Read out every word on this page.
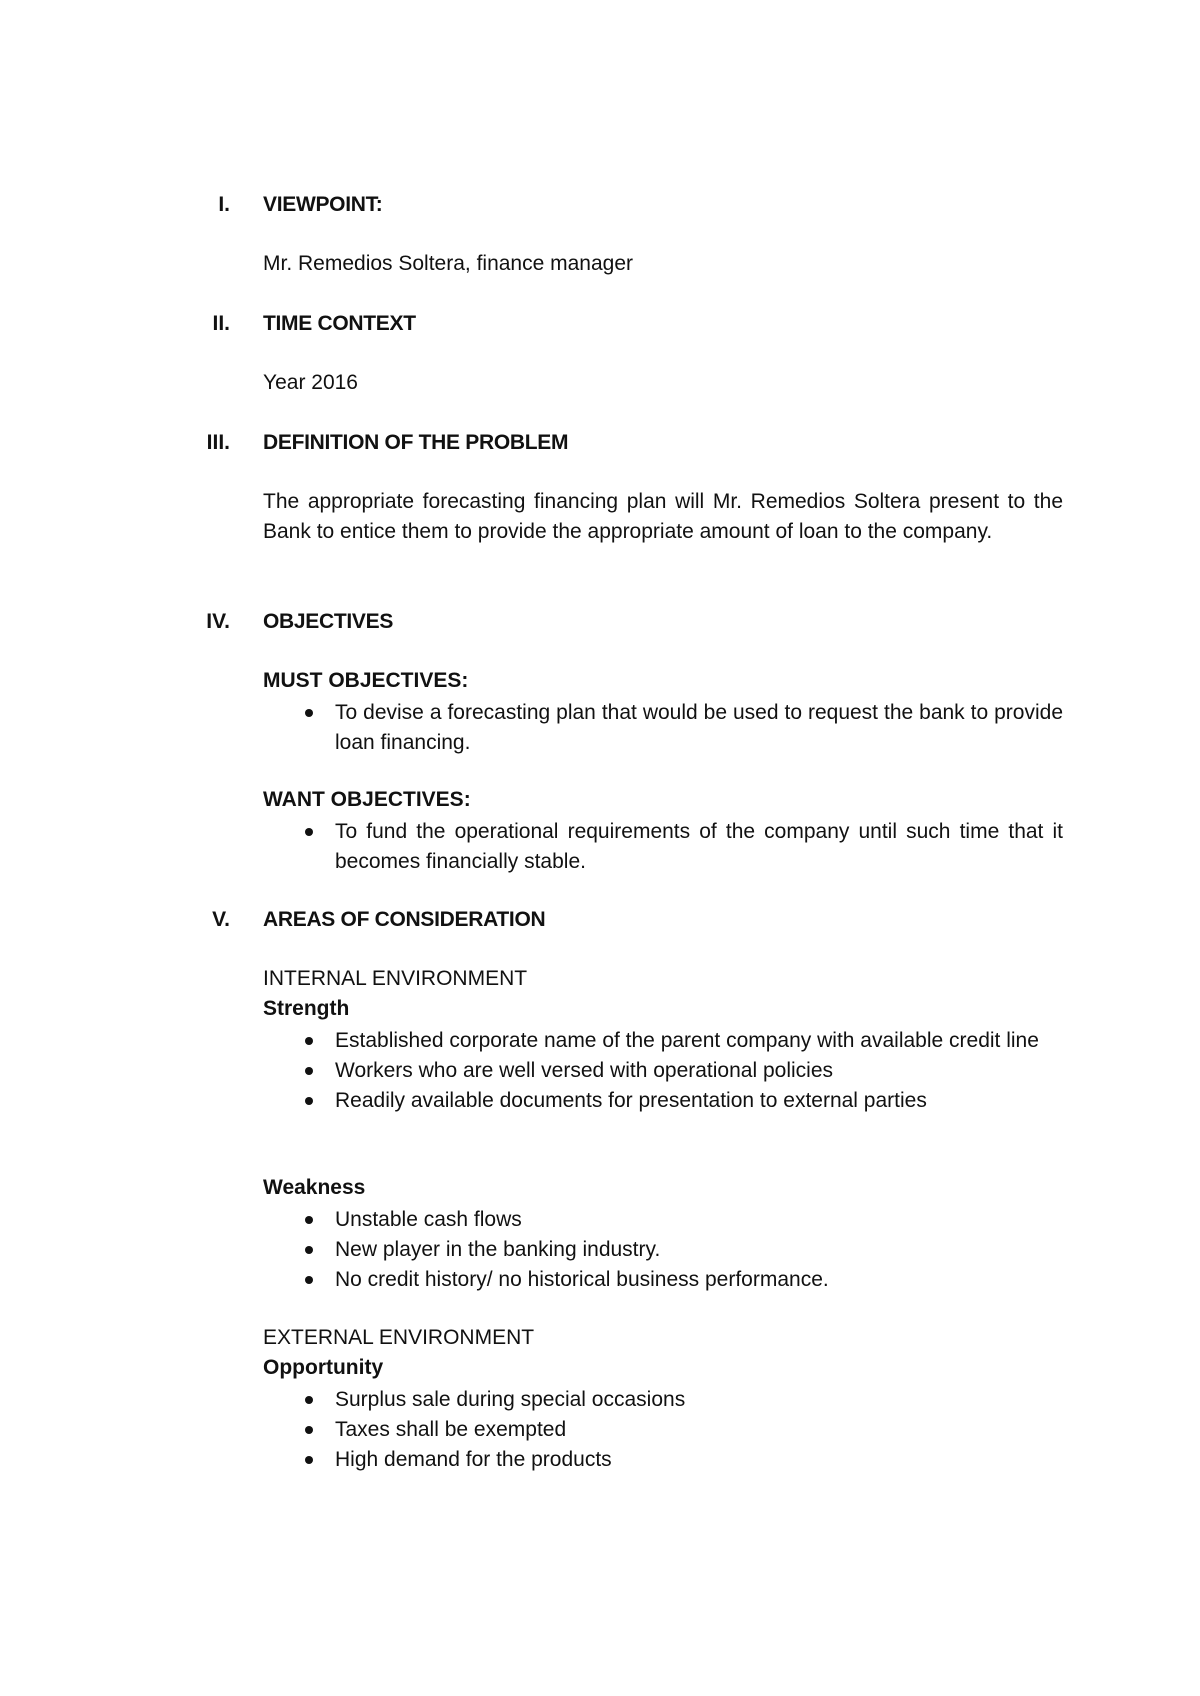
I. VIEWPOINT:
Mr. Remedios Soltera, finance manager
II. TIME CONTEXT
Year 2016
III. DEFINITION OF THE PROBLEM
The appropriate forecasting financing plan will Mr. Remedios Soltera present to the Bank to entice them to provide the appropriate amount of loan to the company.
IV. OBJECTIVES
MUST OBJECTIVES:
To devise a forecasting plan that would be used to request the bank to provide loan financing.
WANT OBJECTIVES:
To fund the operational requirements of the company until such time that it becomes financially stable.
V. AREAS OF CONSIDERATION
INTERNAL ENVIRONMENT
Strength
Established corporate name of the parent company with available credit line
Workers who are well versed with operational policies
Readily available documents for presentation to external parties
Weakness
Unstable cash flows
New player in the banking industry.
No credit history/ no historical business performance.
EXTERNAL ENVIRONMENT
Opportunity
Surplus sale during special occasions
Taxes shall be exempted
High demand for the products
